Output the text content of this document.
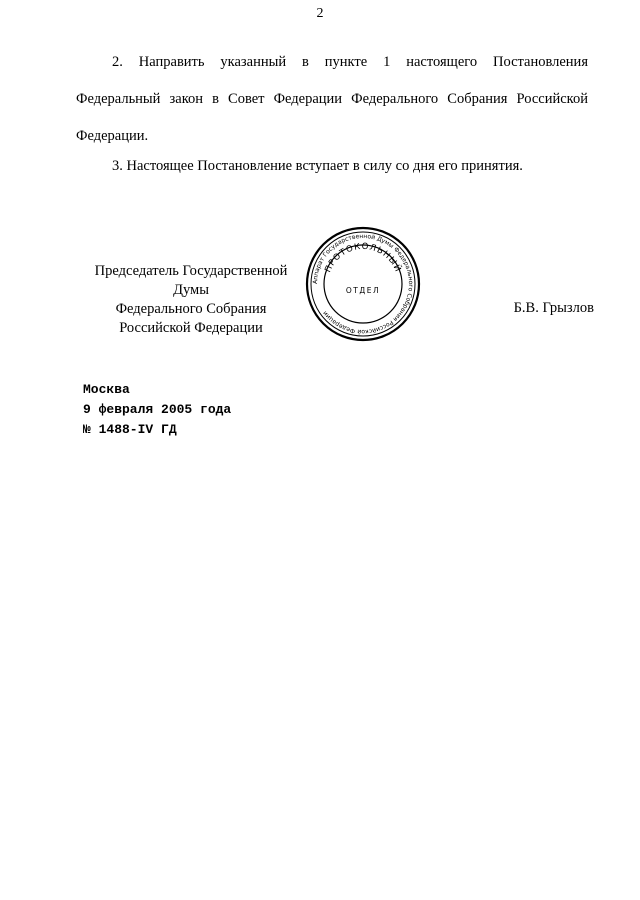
2
2. Направить указанный в пункте 1 настоящего Постановления
Федеральный закон в Совет Федерации Федерального Собрания Российской
Федерации.
3. Настоящее Постановление вступает в силу со дня его принятия.
Председатель Государственной Думы
Федерального Собрания
Российской Федерации
Б.В. Грызлов
Аппарат Государственной Думы Федерального Собрания Российской Федерации
ПРОТОКОЛЬНЫЙ
ОТДЕЛ
Москва
9 февраля 2005 года
№ 1488-IV ГД
